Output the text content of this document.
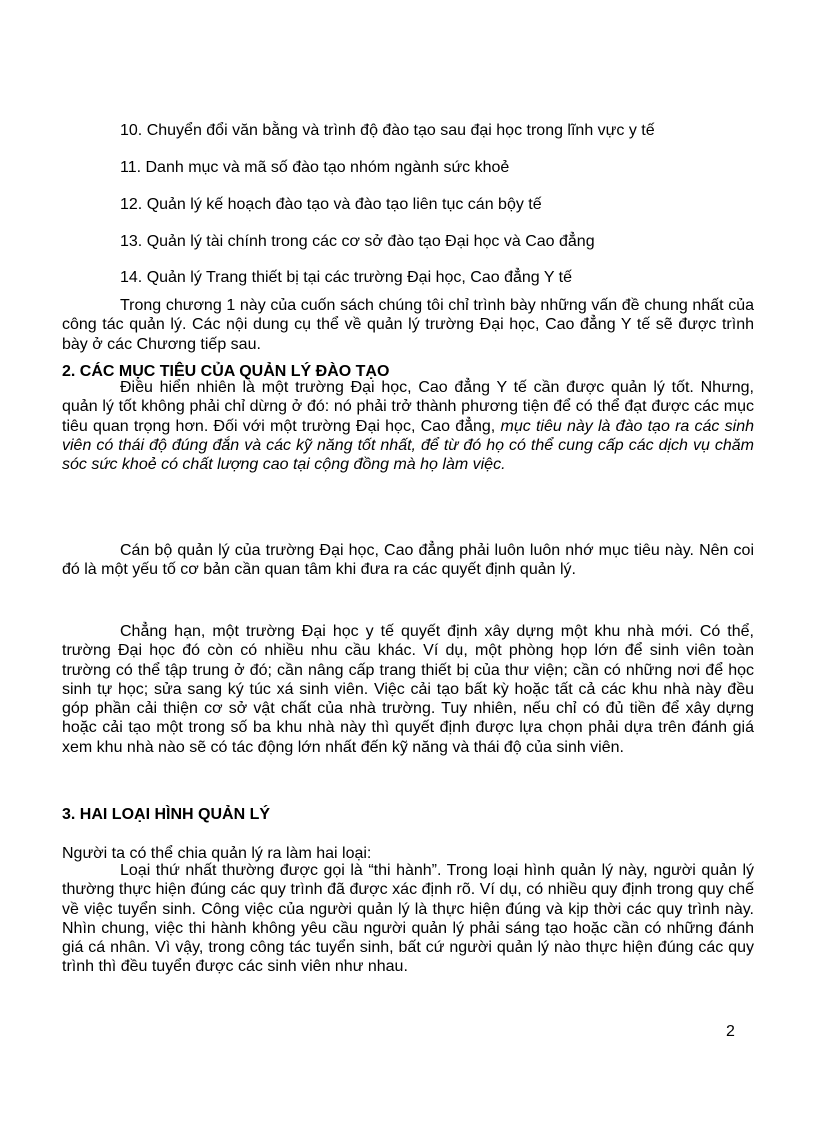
10. Chuyển đổi văn bằng và trình độ đào tạo sau đại học trong lĩnh vực y tế
11. Danh mục và mã số đào tạo nhóm ngành sức khoẻ
12. Quản lý kế hoạch đào tạo và đào tạo liên tục cán bộy tế
13. Quản lý tài chính trong các cơ sở đào tạo Đại học và Cao đẳng
14. Quản lý Trang thiết bị tại các trường Đại học, Cao đẳng Y tế
Trong chương 1 này của cuốn sách chúng tôi chỉ trình bày những vấn đề chung nhất của công tác quản lý. Các nội dung cụ thể về quản lý trường Đại học, Cao đẳng Y tế sẽ được trình bày ở các Chương tiếp sau.
2. CÁC MỤC TIÊU CỦA QUẢN LÝ ĐÀO TẠO
Điều hiển nhiên là một trường Đại học, Cao đẳng Y tế cần được quản lý tốt. Nhưng, quản lý tốt không phải chỉ dừng ở đó: nó phải trở thành phương tiện để có thể đạt được các mục tiêu quan trọng hơn. Đối với một trường Đại học, Cao đẳng, mục tiêu này là đào tạo ra các sinh viên có thái độ đúng đắn và các kỹ năng tốt nhất, để từ đó họ có thể cung cấp các dịch vụ chăm sóc sức khoẻ có chất lượng cao tại cộng đồng mà họ làm việc.
Cán bộ quản lý của trường Đại học, Cao đẳng phải luôn luôn nhớ mục tiêu này. Nên coi đó là một yếu tố cơ bản cần quan tâm khi đưa ra các quyết định quản lý.
Chẳng hạn, một trường Đại học y tế quyết định xây dựng một khu nhà mới. Có thể, trường Đại học đó còn có nhiều nhu cầu khác. Ví dụ, một phòng họp lớn để sinh viên toàn trường có thể tập trung ở đó; cần nâng cấp trang thiết bị của thư viện; cần có những nơi để học sinh tự học; sửa sang ký túc xá sinh viên. Việc cải tạo bất kỳ hoặc tất cả các khu nhà này đều góp phần cải thiện cơ sở vật chất của nhà trường. Tuy nhiên, nếu chỉ có đủ tiền để xây dựng hoặc cải tạo một trong số ba khu nhà này thì quyết định được lựa chọn phải dựa trên đánh giá xem khu nhà nào sẽ có tác động lớn nhất đến kỹ năng và thái độ của sinh viên.
3. HAI LOẠI HÌNH QUẢN LÝ
Người ta có thể chia quản lý ra làm hai loại:
Loại thứ nhất thường được gọi là “thi hành”. Trong loại hình quản lý này, người quản lý thường thực hiện đúng các quy trình đã được xác định rõ. Ví dụ, có nhiều quy định trong quy chế về việc tuyển sinh. Công việc của người quản lý là thực hiện đúng và kịp thời các quy trình này. Nhìn chung, việc thi hành không yêu cầu người quản lý phải sáng tạo hoặc cần có những đánh giá cá nhân. Vì vậy, trong công tác tuyển sinh, bất cứ người quản lý nào thực hiện đúng các quy trình thì đều tuyển được các sinh viên như nhau.
2
